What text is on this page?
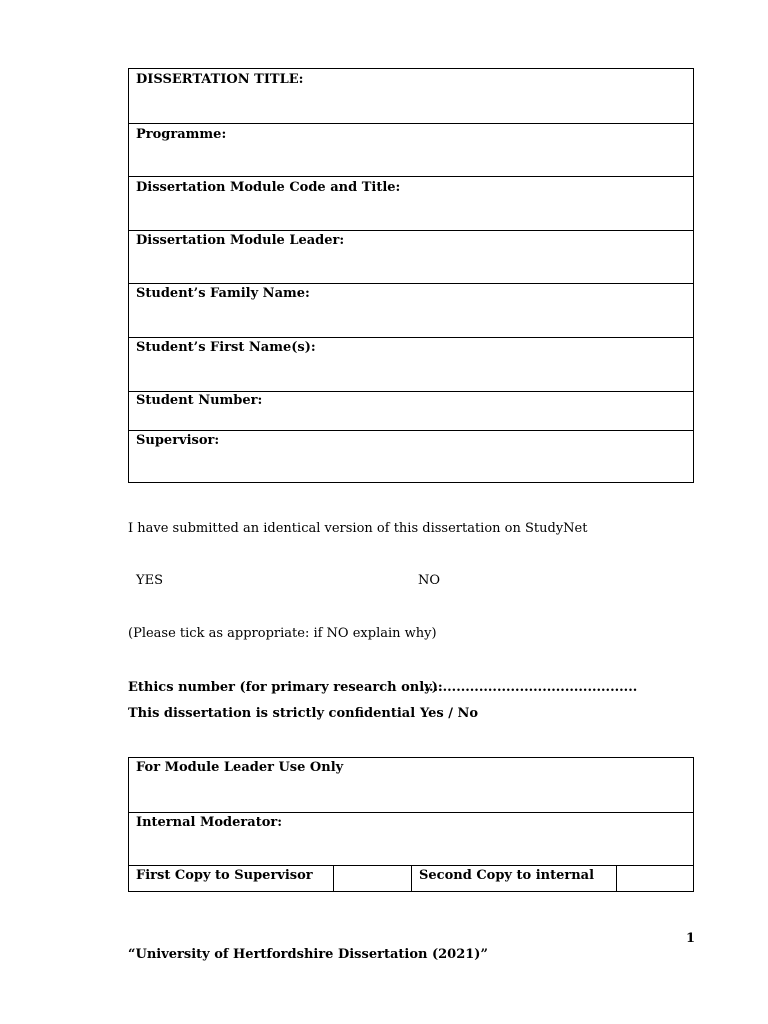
DISSERTATION TITLE:
Programme:
Dissertation Module Code and Title:
Dissertation Module Leader:
Student’s Family Name:
Student’s First Name(s):
Student Number:
Supervisor:
I have submitted an identical version of this dissertation on StudyNet
YES	NO
(Please tick as appropriate: if NO explain why)
Ethics number (for primary research only):
................................................
This dissertation is strictly confidential Yes / No
For Module Leader Use Only
Internal Moderator:
First Copy to Supervisor	Second Copy to internal
1
“University of Hertfordshire Dissertation (2021)”
